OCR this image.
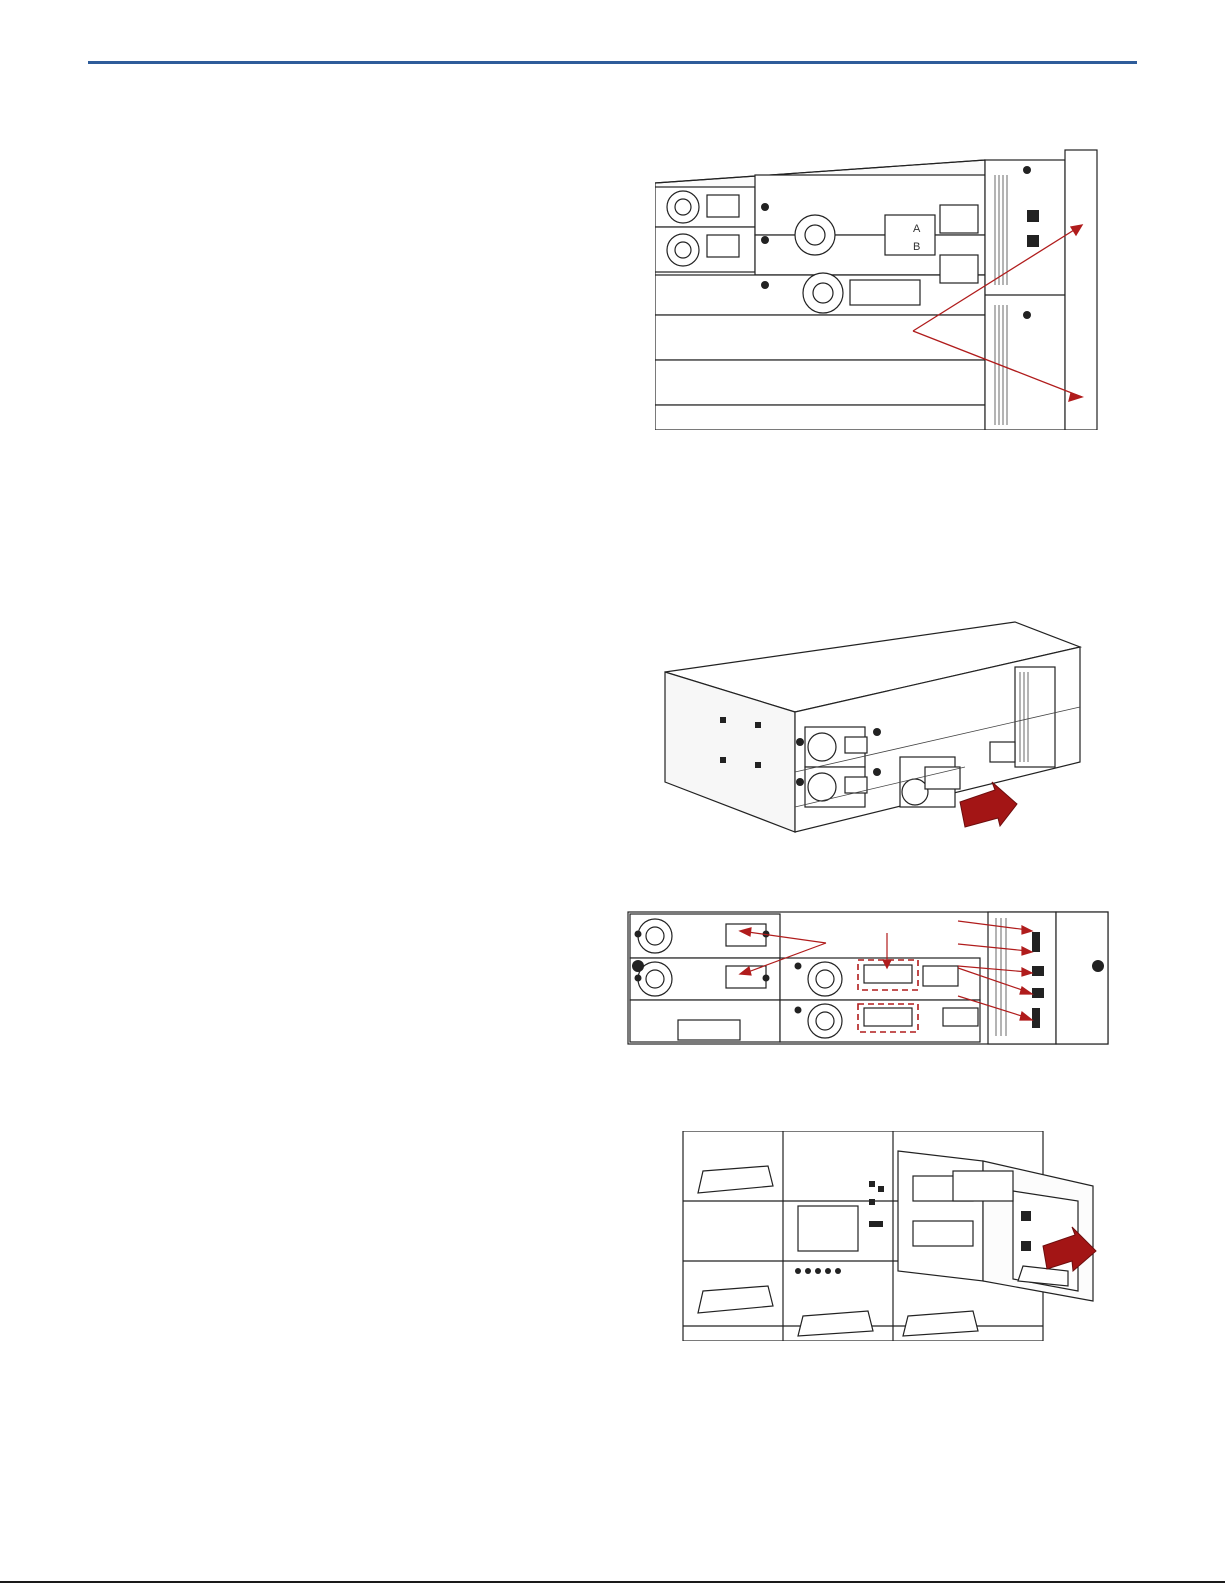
A
B
